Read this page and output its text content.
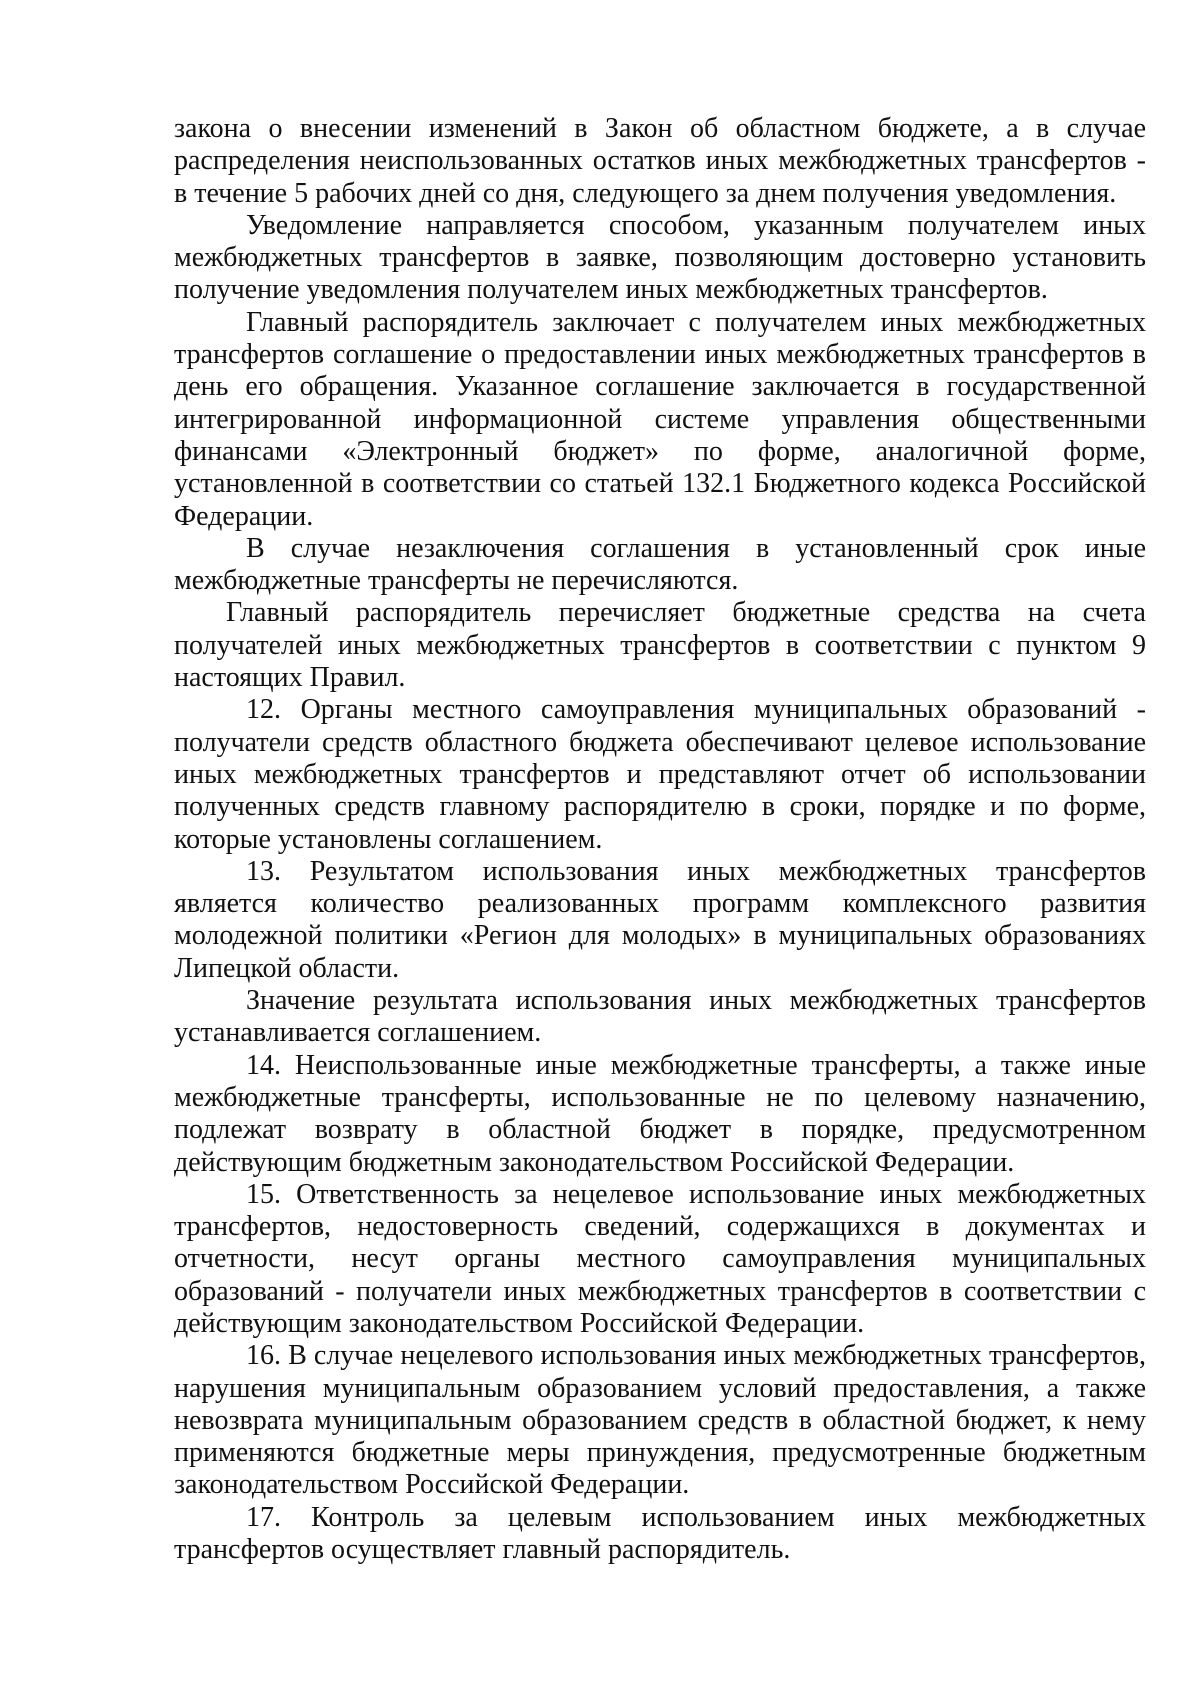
закона о внесении изменений в Закон об областном бюджете, а в случае распределения неиспользованных остатков иных межбюджетных трансфертов - в течение 5 рабочих дней со дня, следующего за днем получения уведомления.

Уведомление направляется способом, указанным получателем иных межбюджетных трансфертов в заявке, позволяющим достоверно установить получение уведомления получателем иных межбюджетных трансфертов.

Главный распорядитель заключает с получателем иных межбюджетных трансфертов соглашение о предоставлении иных межбюджетных трансфертов в день его обращения. Указанное соглашение заключается в государственной интегрированной информационной системе управления общественными финансами «Электронный бюджет» по форме, аналогичной форме, установленной в соответствии со статьей 132.1 Бюджетного кодекса Российской Федерации.

В случае незаключения соглашения в установленный срок иные межбюджетные трансферты не перечисляются.

Главный распорядитель перечисляет бюджетные средства на счета получателей иных межбюджетных трансфертов в соответствии с пунктом 9 настоящих Правил.

12. Органы местного самоуправления муниципальных образований - получатели средств областного бюджета обеспечивают целевое использование иных межбюджетных трансфертов и представляют отчет об использовании полученных средств главному распорядителю в сроки, порядке и по форме, которые установлены соглашением.

13. Результатом использования иных межбюджетных трансфертов является количество реализованных программ комплексного развития молодежной политики «Регион для молодых» в муниципальных образованиях Липецкой области.

Значение результата использования иных межбюджетных трансфертов устанавливается соглашением.

14. Неиспользованные иные межбюджетные трансферты, а также иные межбюджетные трансферты, использованные не по целевому назначению, подлежат возврату в областной бюджет в порядке, предусмотренном действующим бюджетным законодательством Российской Федерации.

15. Ответственность за нецелевое использование иных межбюджетных трансфертов, недостоверность сведений, содержащихся в документах и отчетности, несут органы местного самоуправления муниципальных образований - получатели иных межбюджетных трансфертов в соответствии с действующим законодательством Российской Федерации.

16. В случае нецелевого использования иных межбюджетных трансфертов, нарушения муниципальным образованием условий предоставления, а также невозврата муниципальным образованием средств в областной бюджет, к нему применяются бюджетные меры принуждения, предусмотренные бюджетным законодательством Российской Федерации.

17. Контроль за целевым использованием иных межбюджетных трансфертов осуществляет главный распорядитель.
